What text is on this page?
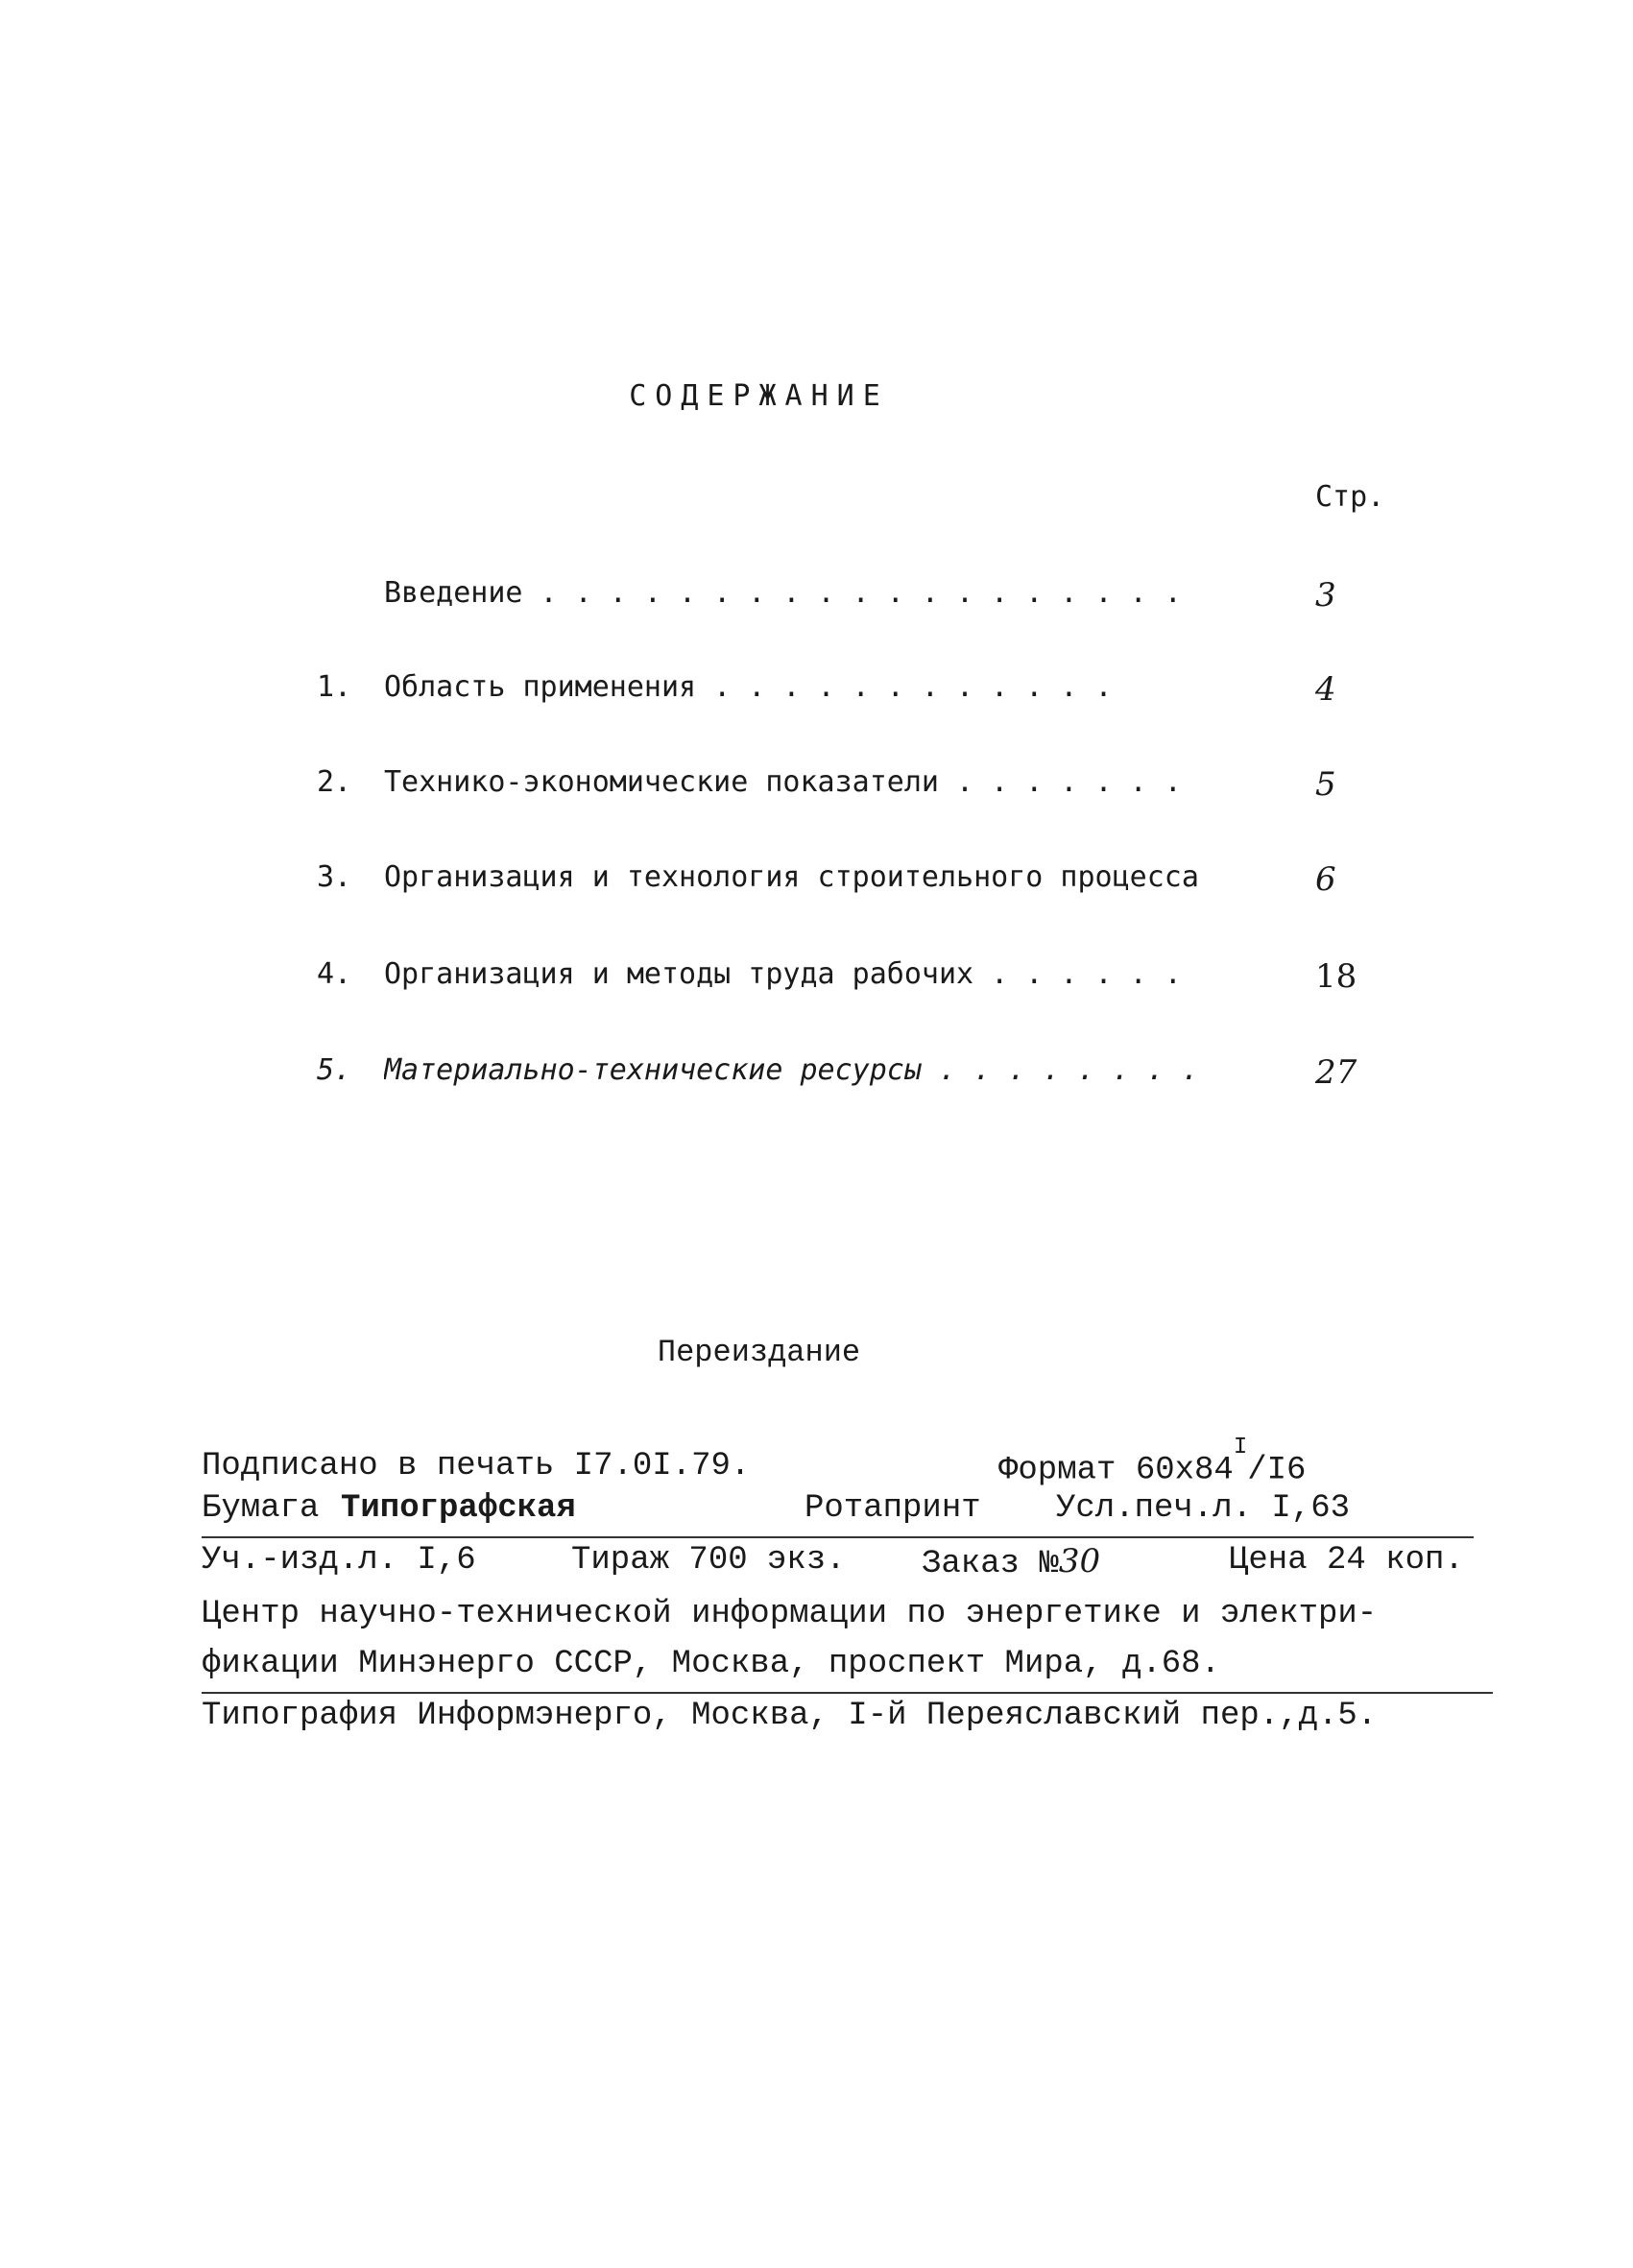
СОДЕРЖАНИЕ
Стр.
Введение . . . . . . . . . . . . . . . . . . .	3
1.	Область применения . . . . . . . . . . . .	4
2.	Технико-экономические показатели . . . . . . .	5
3.	Организация и технология строительного процесса	6
4.	Организация и методы труда рабочих . . . . . .	18
5.	Материально-технические ресурсы . . . . . . . .	27
Переиздание
Подписано в печать I7.0I.79.	Формат $60х84^I/I6$
Бумага Типографская	Ротапринт Усл.печ.л. I,63
Уч.-изд.л. I,6	Тираж 700 экз. Заказ №30	Цена 24 коп.
Центр научно-технической информации по энергетике и электри-
фикации Минэнерго СССР, Москва, проспект Мира, д.68.
Типография Информэнерго, Москва, I-й Переяславский пер.,д.5.
